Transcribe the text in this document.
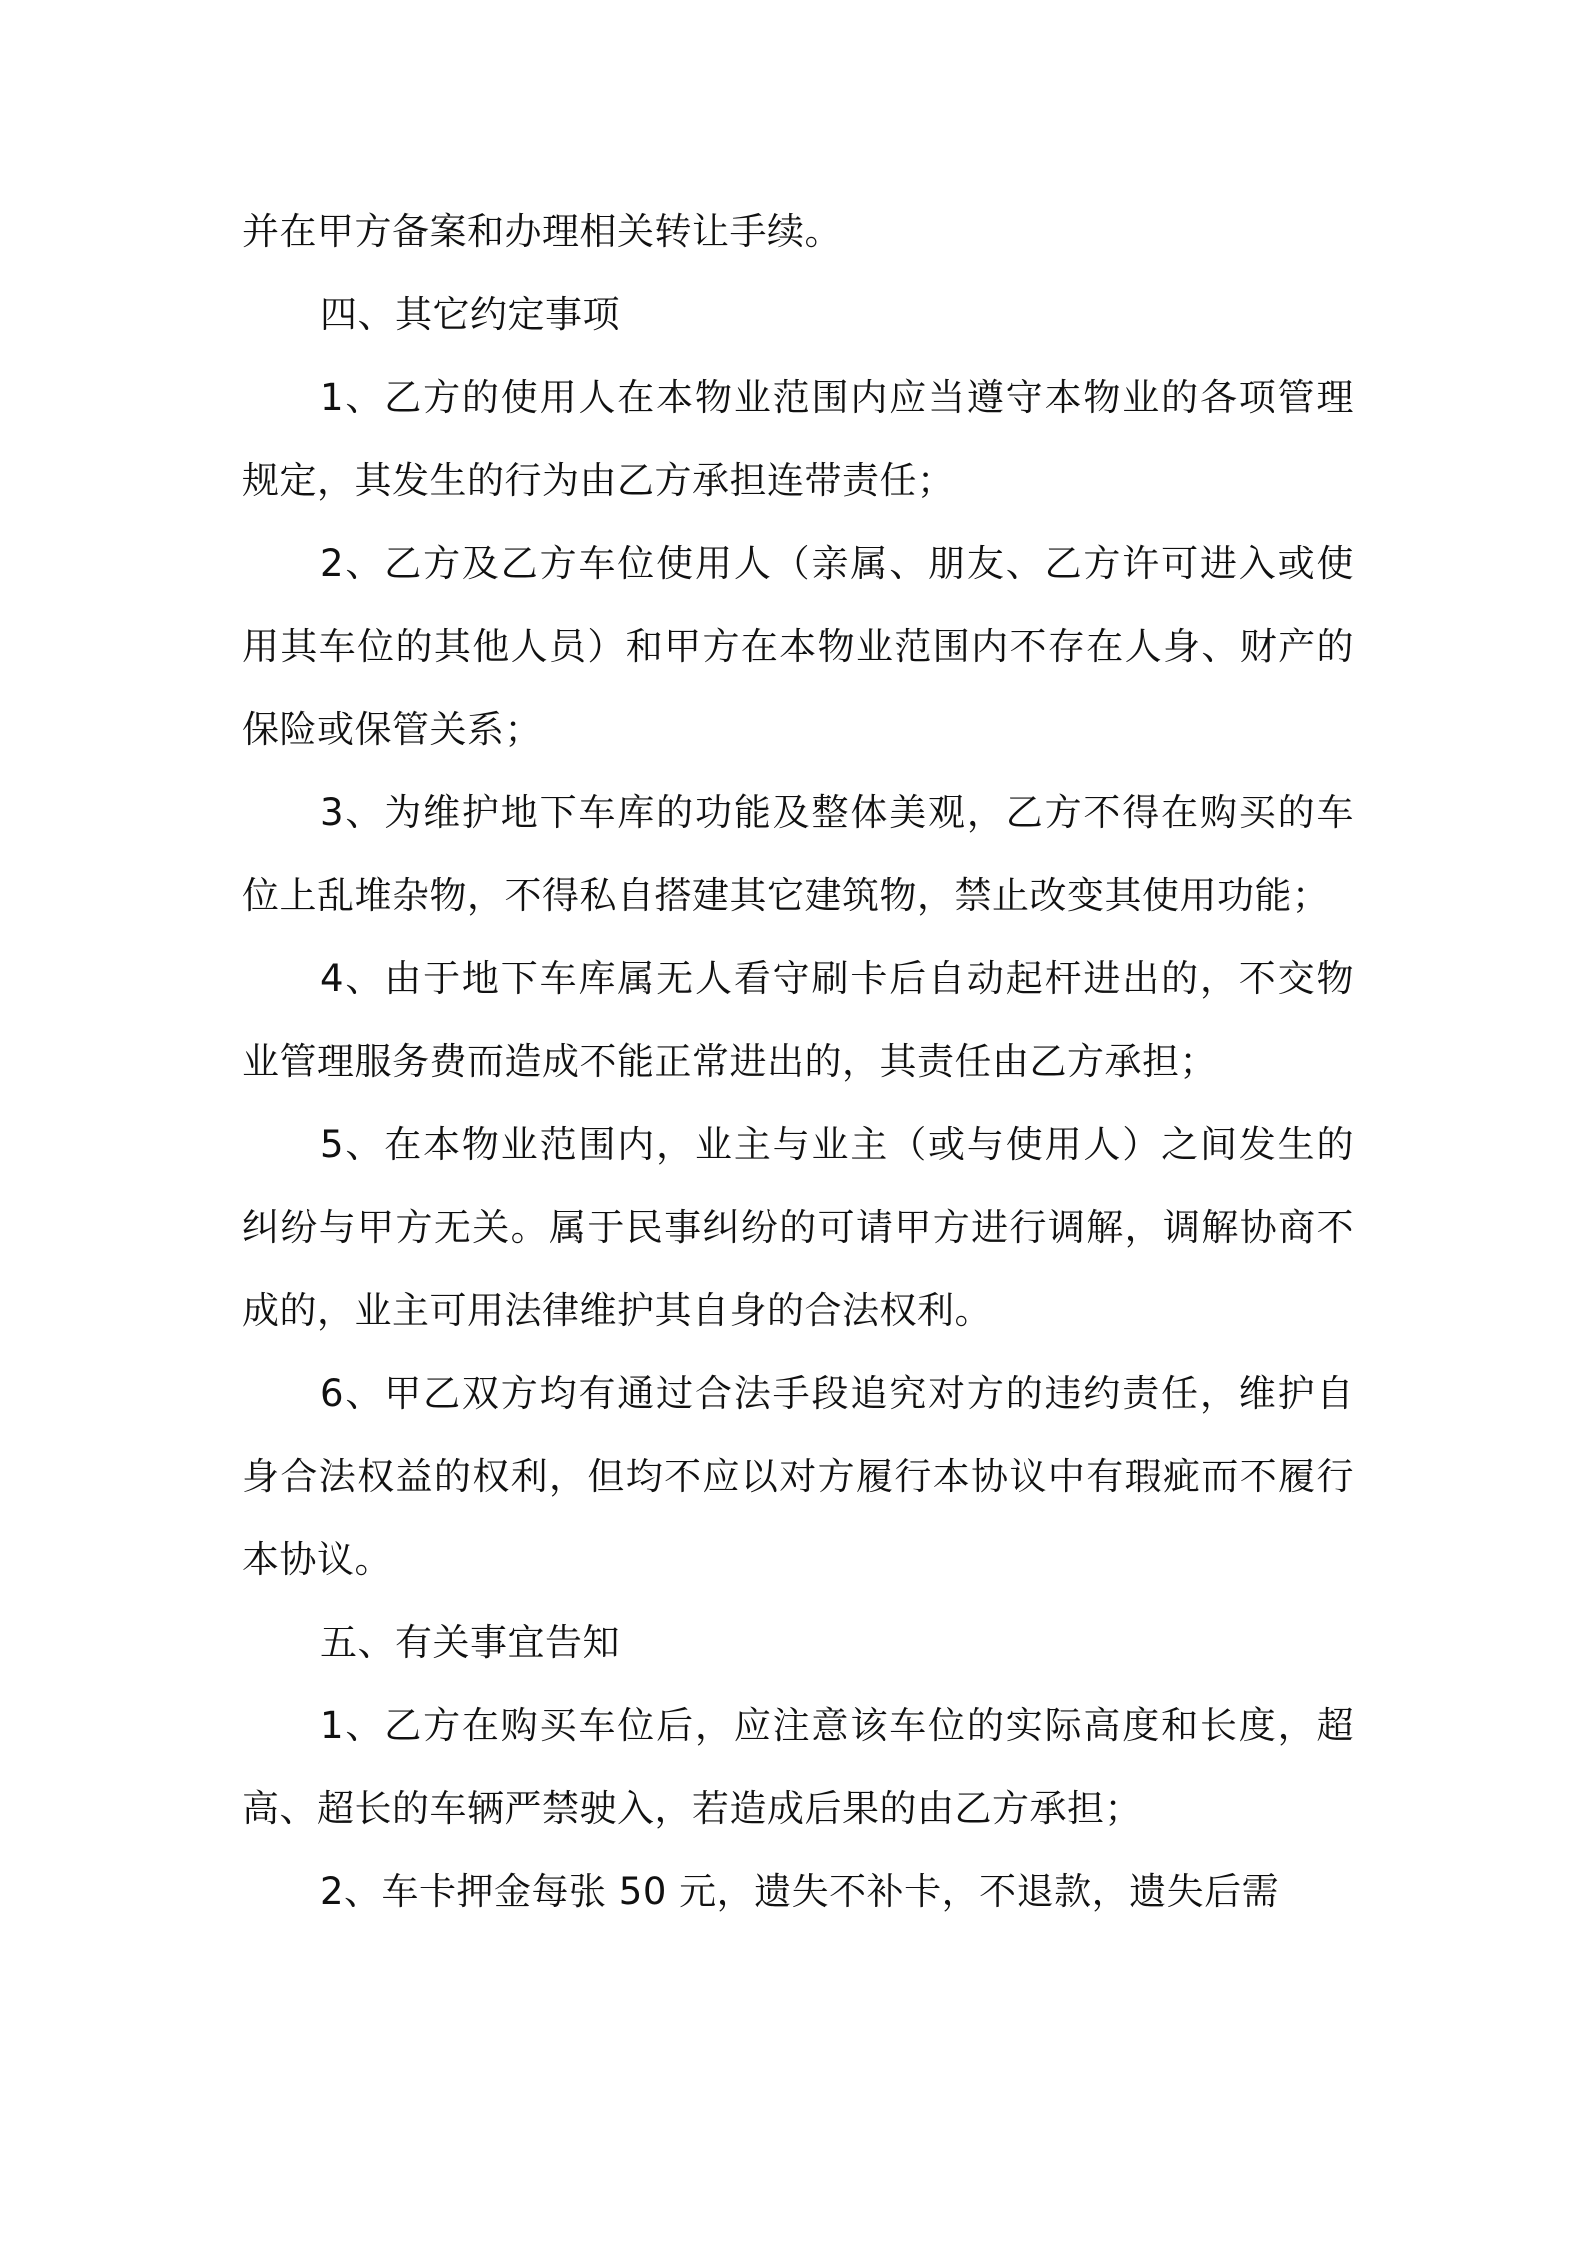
并在甲方备案和办理相关转让手续。

四、其它约定事项

1、乙方的使用人在本物业范围内应当遵守本物业的各项管理规定，其发生的行为由乙方承担连带责任；

2、乙方及乙方车位使用人（亲属、朋友、乙方许可进入或使用其车位的其他人员）和甲方在本物业范围内不存在人身、财产的保险或保管关系；

3、为维护地下车库的功能及整体美观，乙方不得在购买的车位上乱堆杂物，不得私自搭建其它建筑物，禁止改变其使用功能；

4、由于地下车库属无人看守刷卡后自动起杆进出的，不交物业管理服务费而造成不能正常进出的，其责任由乙方承担；

5、在本物业范围内，业主与业主（或与使用人）之间发生的纠纷与甲方无关。属于民事纠纷的可请甲方进行调解，调解协商不成的，业主可用法律维护其自身的合法权利。

6、甲乙双方均有通过合法手段追究对方的违约责任，维护自身合法权益的权利，但均不应以对方履行本协议中有瑕疵而不履行本协议。

五、有关事宜告知

1、乙方在购买车位后，应注意该车位的实际高度和长度，超高、超长的车辆严禁驶入，若造成后果的由乙方承担；

2、车卡押金每张 50 元，遗失不补卡，不退款，遗失后需
